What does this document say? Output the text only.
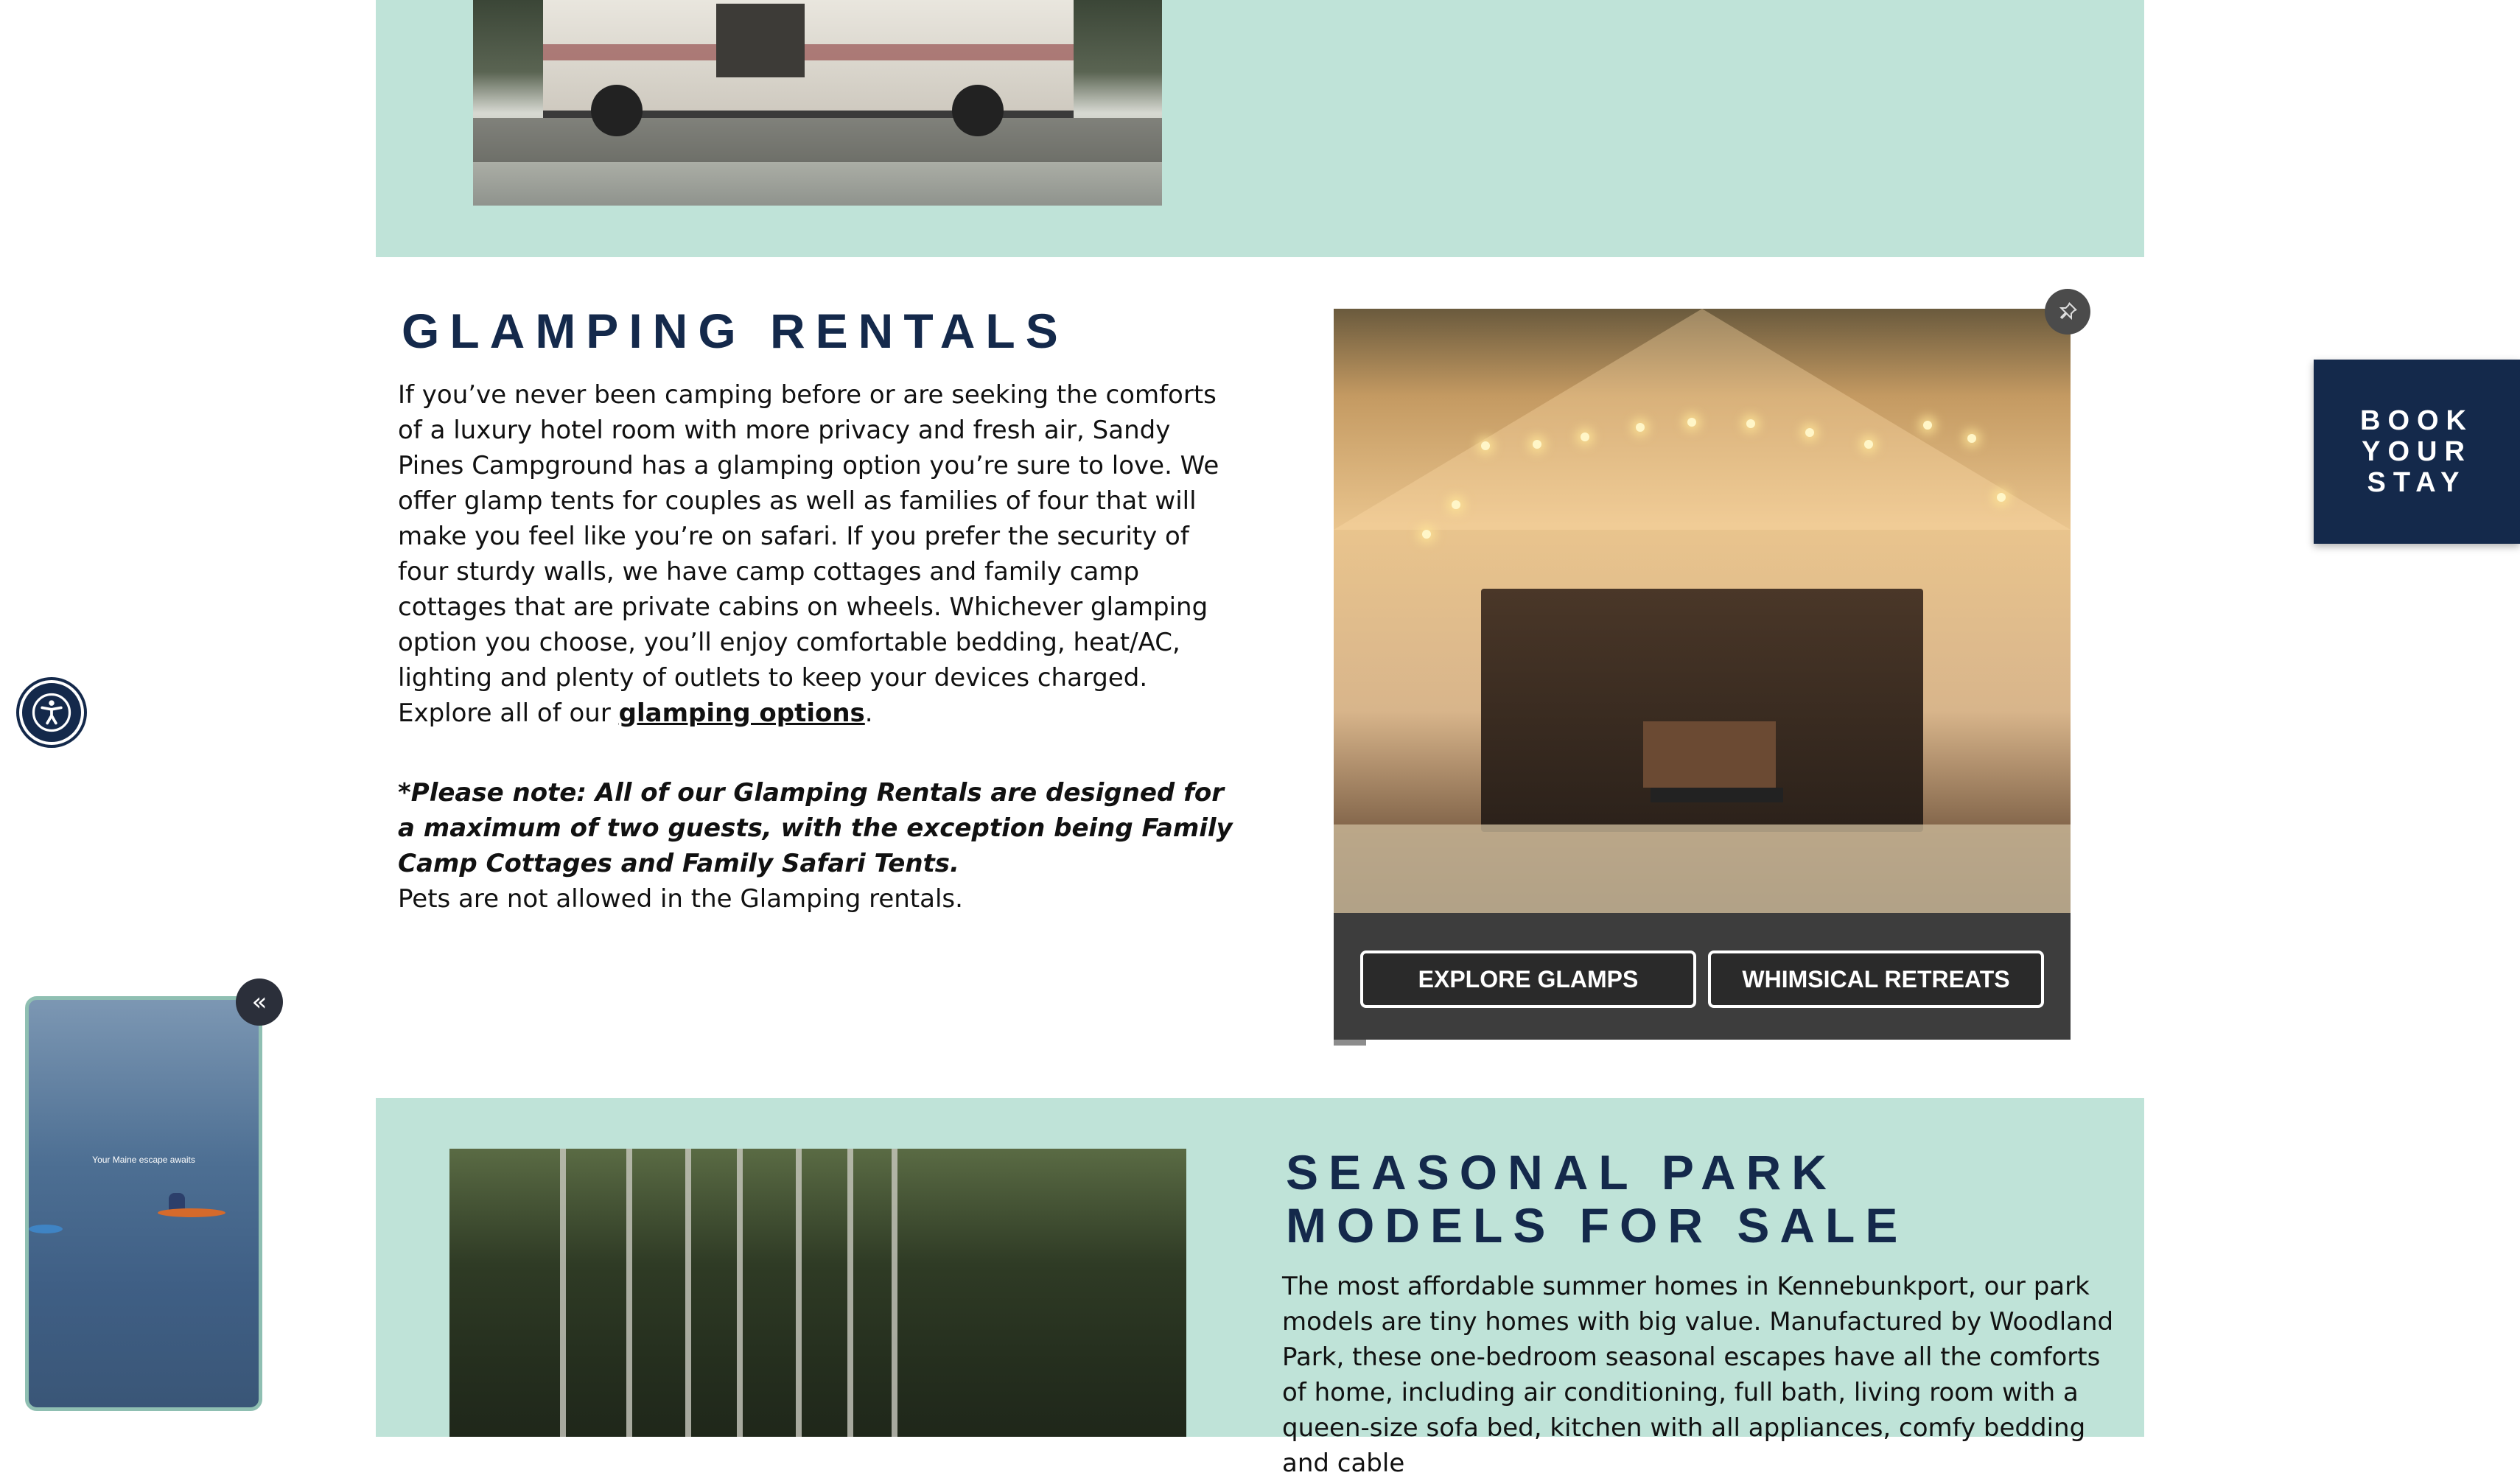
GLAMPING RENTALS

If you’ve never been camping before or are seeking the comforts of a luxury hotel room with more privacy and fresh air, Sandy Pines Campground has a glamping option you’re sure to love. We offer glamp tents for couples as well as families of four that will make you feel like you’re on safari. If you prefer the security of four sturdy walls, we have camp cottages and family camp cottages that are private cabins on wheels. Whichever glamping option you choose, you’ll enjoy comfortable bedding, heat/AC, lighting and plenty of outlets to keep your devices charged. Explore all of our glamping options.

*Please note: All of our Glamping Rentals are designed for a maximum of two guests, with the exception being Family Camp Cottages and Family Safari Tents.

Pets are not allowed in the Glamping rentals.

EXPLORE GLAMPS	WHIMSICAL RETREATS
SEASONAL PARK MODELS FOR SALE

The most affordable summer homes in Kennebunkport, our park models are tiny homes with big value. Manufactured by Woodland Park, these one-bedroom seasonal escapes have all the comforts of home, including air conditioning, full bath, living room with a queen-size sofa bed, kitchen with all appliances, comfy bedding and cable

BOOK
YOUR
STAY
Your Maine escape awaits
«
